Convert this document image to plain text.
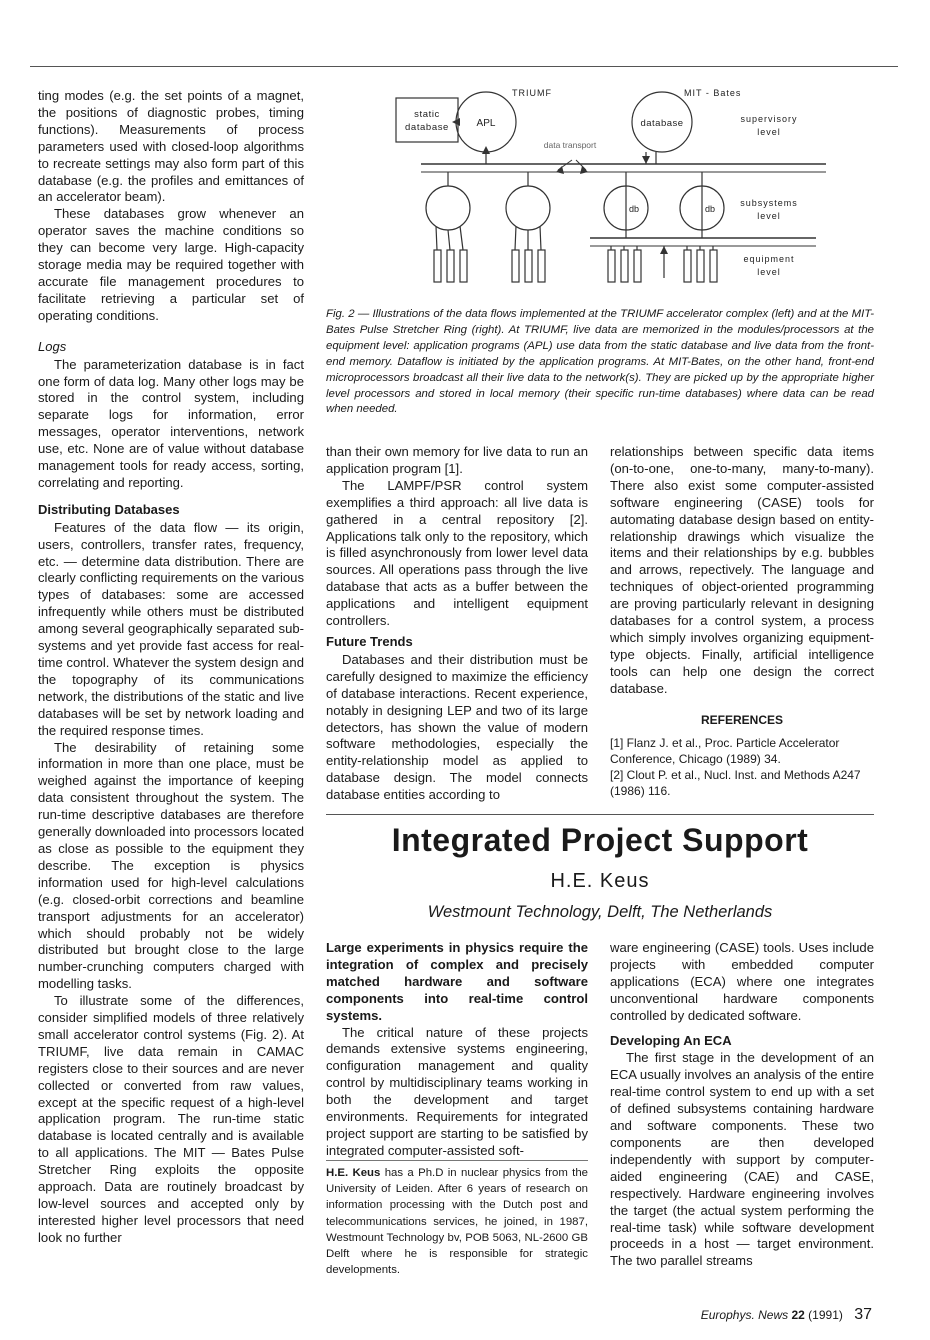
ting modes (e.g. the set points of a magnet, the positions of diagnostic probes, timing functions). Measurements of process parameters used with closed-loop algorithms to recreate settings may also form part of this database (e.g. the profiles and emittances of an accelerator beam).

These databases grow whenever an operator saves the machine conditions so they can become very large. High-capacity storage media may be required together with accurate file management procedures to facilitate retrieving a particular set of operating conditions.

Logs

The parameterization database is in fact one form of data log. Many other logs may be stored in the control system, including separate logs for information, error messages, operator interventions, network use, etc. None are of value without database management tools for ready access, sorting, correlating and reporting.

Distributing Databases

Features of the data flow — its origin, users, controllers, transfer rates, frequency, etc. — determine data distribution. There are clearly conflicting requirements on the various types of databases: some are accessed infrequently while others must be distributed among several geographically separated sub-systems and yet provide fast access for real-time control. Whatever the system design and the topography of its communications network, the distributions of the static and live databases will be set by network loading and the required response times.

The desirability of retaining some information in more than one place, must be weighed against the importance of keeping data consistent throughout the system. The run-time descriptive databases are therefore generally downloaded into processors located as close as possible to the equipment they describe. The exception is physics information used for high-level calculations (e.g. closed-orbit corrections and beamline transport adjustments for an accelerator) which should probably not be widely distributed but brought close to the large number-crunching computers charged with modelling tasks.

To illustrate some of the differences, consider simplified models of three relatively small accelerator control systems (Fig. 2). At TRIUMF, live data remain in CAMAC registers close to their sources and are never collected or converted from raw values, except at the specific request of a high-level application program. The run-time static database is located centrally and is available to all applications. The MIT — Bates Pulse Stretcher Ring exploits the opposite approach. Data are routinely broadcast by low-level sources and accepted only by interested higher level processors that need look no further

TRIUMF	MIT - Bates
static
database	APL	database
db	db
data transport
supervisory
level
subsystems
level
equipment
level
static database
Fig. 2 — Illustrations of the data flows implemented at the TRIUMF accelerator complex (left) and at the MIT-Bates Pulse Stretcher Ring (right). At TRIUMF, live data are memorized in the modules/processors at the equipment level: application programs (APL) use data from the static database and live data from the front-end memory. Dataflow is initiated by the application programs. At MIT-Bates, on the other hand, front-end microprocessors broadcast all their live data to the network(s). They are picked up by the appropriate higher level processors and stored in local memory (their specific run-time databases) where data can be read when needed.

than their own memory for live data to run an application program [1].

The LAMPF/PSR control system exemplifies a third approach: all live data is gathered in a central repository [2]. Applications talk only to the repository, which is filled asynchronously from lower level data sources. All operations pass through the live database that acts as a buffer between the applications and intelligent equipment controllers.

Future Trends

Databases and their distribution must be carefully designed to maximize the efficiency of database interactions. Recent experience, notably in designing LEP and two of its large detectors, has shown the value of modern software methodologies, especially the entity-relationship model as applied to database design. The model connects database entities according to

relationships between specific data items (on-to-one, one-to-many, many-to-many). There also exist some computer-assisted software engineering (CASE) tools for automating database design based on entity-relationship drawings which visualize the items and their relationships by e.g. bubbles and arrows, repectively. The language and techniques of object-oriented programming are proving particularly relevant in designing databases for a control system, a process which simply involves organizing equipment-type objects. Finally, artificial intelligence tools can help one design the correct database.

REFERENCES

[1] Flanz J. et al., Proc. Particle Accelerator Conference, Chicago (1989) 34.

[2] Clout P. et al., Nucl. Inst. and Methods A247 (1986) 116.

Integrated Project Support
H.E. Keus
Westmount Technology, Delft, The Netherlands

Large experiments in physics require the integration of complex and precisely matched hardware and software components into real-time control systems.

The critical nature of these projects demands extensive systems engineering, configuration management and quality control by multidisciplinary teams working in both the development and target environments. Requirements for integrated project support are starting to be satisfied by integrated computer-assisted soft-

H.E. Keus has a Ph.D in nuclear physics from the University of Leiden. After 6 years of research on information processing with the Dutch post and telecommunications services, he joined, in 1987, Westmount Technology bv, POB 5063, NL-2600 GB Delft where he is responsible for strategic developments.

ware engineering (CASE) tools. Uses include projects with embedded computer applications (ECA) where one integrates unconventional hardware components controlled by dedicated software.

Developing An ECA

The first stage in the development of an ECA usually involves an analysis of the entire real-time control system to end up with a set of defined subsystems containing hardware and software components. These two components are then developed independently with support by computer-aided engineering (CAE) and CASE, respectively. Hardware engineering involves the target (the actual system performing the real-time task) while software development proceeds in a host — target environment. The two parallel streams

Europhys. News 22 (1991) 37
